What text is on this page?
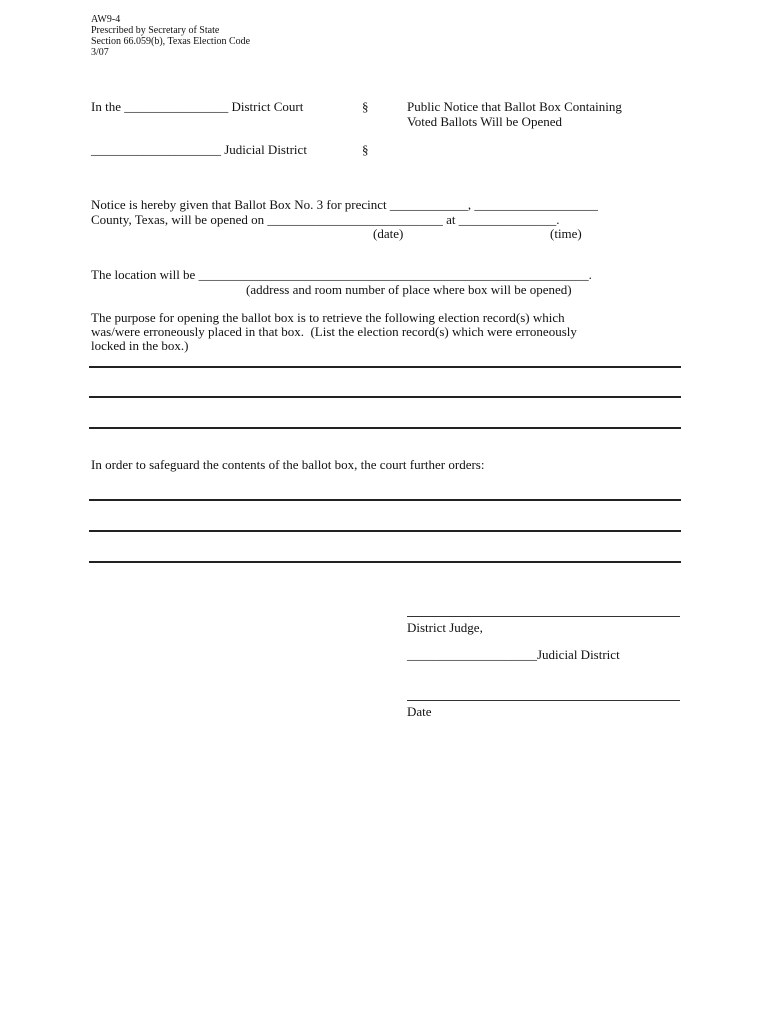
AW9-4
Prescribed by Secretary of State
Section 66.059(b), Texas Election Code
3/07
In the ________________ District Court	§	Public Notice that Ballot Box Containing
Voted Ballots Will be Opened
____________________ Judicial District	§
Notice is hereby given that Ballot Box No. 3 for precinct ____________, ___________________
County, Texas, will be opened on ___________________________ at _______________.
(date)	(time)
The location will be ____________________________________________________________.
(address and room number of place where box will be opened)
The purpose for opening the ballot box is to retrieve the following election record(s) which
was/were erroneously placed in that box.  (List the election record(s) which were erroneously
locked in the box.)
In order to safeguard the contents of the ballot box, the court further orders:
District Judge,
____________________Judicial District
Date
